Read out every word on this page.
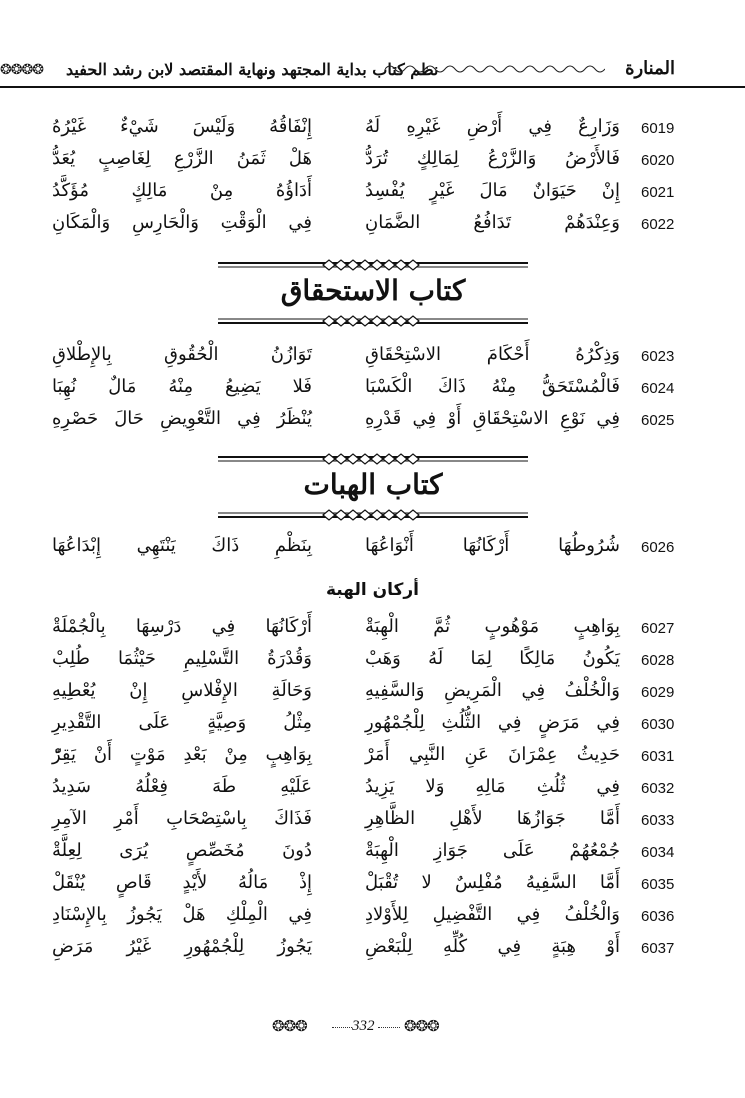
❂❂❂❂ نظم كتاب بداية المجتهد ونهاية المقتصد لابن رشد الحفيد	المنارة
6019
وَزَارِعٌ فِي أَرْضِ غَيْرِهِ لَهُ
إِنْفَاقُهُ وَلَيْسَ شَيْءٌ غَيْرُهُ
6020
فَالأَرْضُ وَالزَّرْعُ لِمَالِكٍ تُرَدُّ
هَلْ ثَمَنُ الزَّرْعِ لِغَاصِبٍ يُعَدُّ
6021
إِنْ حَيَوَانٌ مَالَ غَيْرٍ يُفْسِدُ
أَدَاؤُهُ مِنْ مَالِكٍ مُؤَكَّدُ
6022
وَعِنْدَهُمْ تَدَافُعُ الضَّمَانِ
فِي الْوَقْتِ وَالْحَارِسِ وَالْمَكَانِ
كتاب الاستحقاق
6023
وَذِكْرُهُ أَحْكَامَ الاسْتِحْقَاقِ
تَوَازُنُ الْحُقُوقِ بِالإِطْلاقِ
6024
فَالْمُسْتَحَقُّ مِنْهُ ذَاكَ الْكَسْبَا
فَلا يَضِيعُ مِنْهُ مَالٌ نُهِبَا
6025
فِي نَوْعِ الاسْتِحْقَاقِ أَوْ فِي قَدْرِهِ
يُنْظَرُ فِي التَّعْوِيضِ حَالَ حَصْرِهِ
كتاب الهبات
6026
شُرُوطُهَا أَرْكَانُهَا أَنْوَاعُهَا
بِنَظْمِ ذَاكَ يَنْتَهِي إِبْدَاعُهَا
أركان الهبة
6027
بِوَاهِبٍ مَوْهُوبٍ ثُمَّ الْهِبَةْ
أَرْكَانُهَا فِي دَرْسِهَا بِالْجُمْلَةْ
6028
يَكُونُ مَالِكًا لِمَا لَهُ وَهَبْ
وَقُدْرَةُ التَّسْلِيمِ حَيْثُمَا طُلِبْ
6029
وَالْخُلْفُ فِي الْمَرِيضِ وَالسَّفِيهِ
وَحَالَةِ الإِفْلاسِ إِنْ يُعْطِيهِ
6030
فِي مَرَضٍ فِي الثُّلُثِ لِلْجُمْهُورِ
مِثْلُ وَصِيَّةٍ عَلَى التَّقْدِيرِ
6031
حَدِيثُ عِمْرَانَ عَنِ النَّبِي أَمَرْ
بِوَاهِبٍ مِنْ بَعْدِ مَوْتٍ أَنْ يَقِرّْ
6032
فِي ثُلُثِ مَالِهِ وَلا يَزِيدُ
عَلَيْهِ طَهَ فِعْلُهُ سَدِيدُ
6033
أَمَّا جَوَازُهَا لأَهْلِ الظَّاهِرِ
فَذَاكَ بِاسْتِصْحَابِ أَمْرِ الآمِرِ
6034
جُمْعُهُمْ عَلَى جَوَازِ الْهِبَةْ
دُونَ مُخَصِّصٍ يُرَى لِعِلَّةْ
6035
أَمَّا السَّفِيهُ مُفْلِسٌ لا تُقْبَلْ
إِذْ مَالُهُ لأَيْدٍ قَاصٍ يُنْقَلْ
6036
وَالْخُلْفُ فِي التَّفْضِيلِ لِلأَوْلادِ
فِي الْمِلْكِ هَلْ يَجُوزُ بِالإِسْنَادِ
6037
أَوْ هِبَةٍ فِي كُلِّهِ لِلْبَعْضِ
يَجُوزُ لِلْجُمْهُورِ غَيْرُ مَرَضِ
❂❂❂	332 ❂❂❂
